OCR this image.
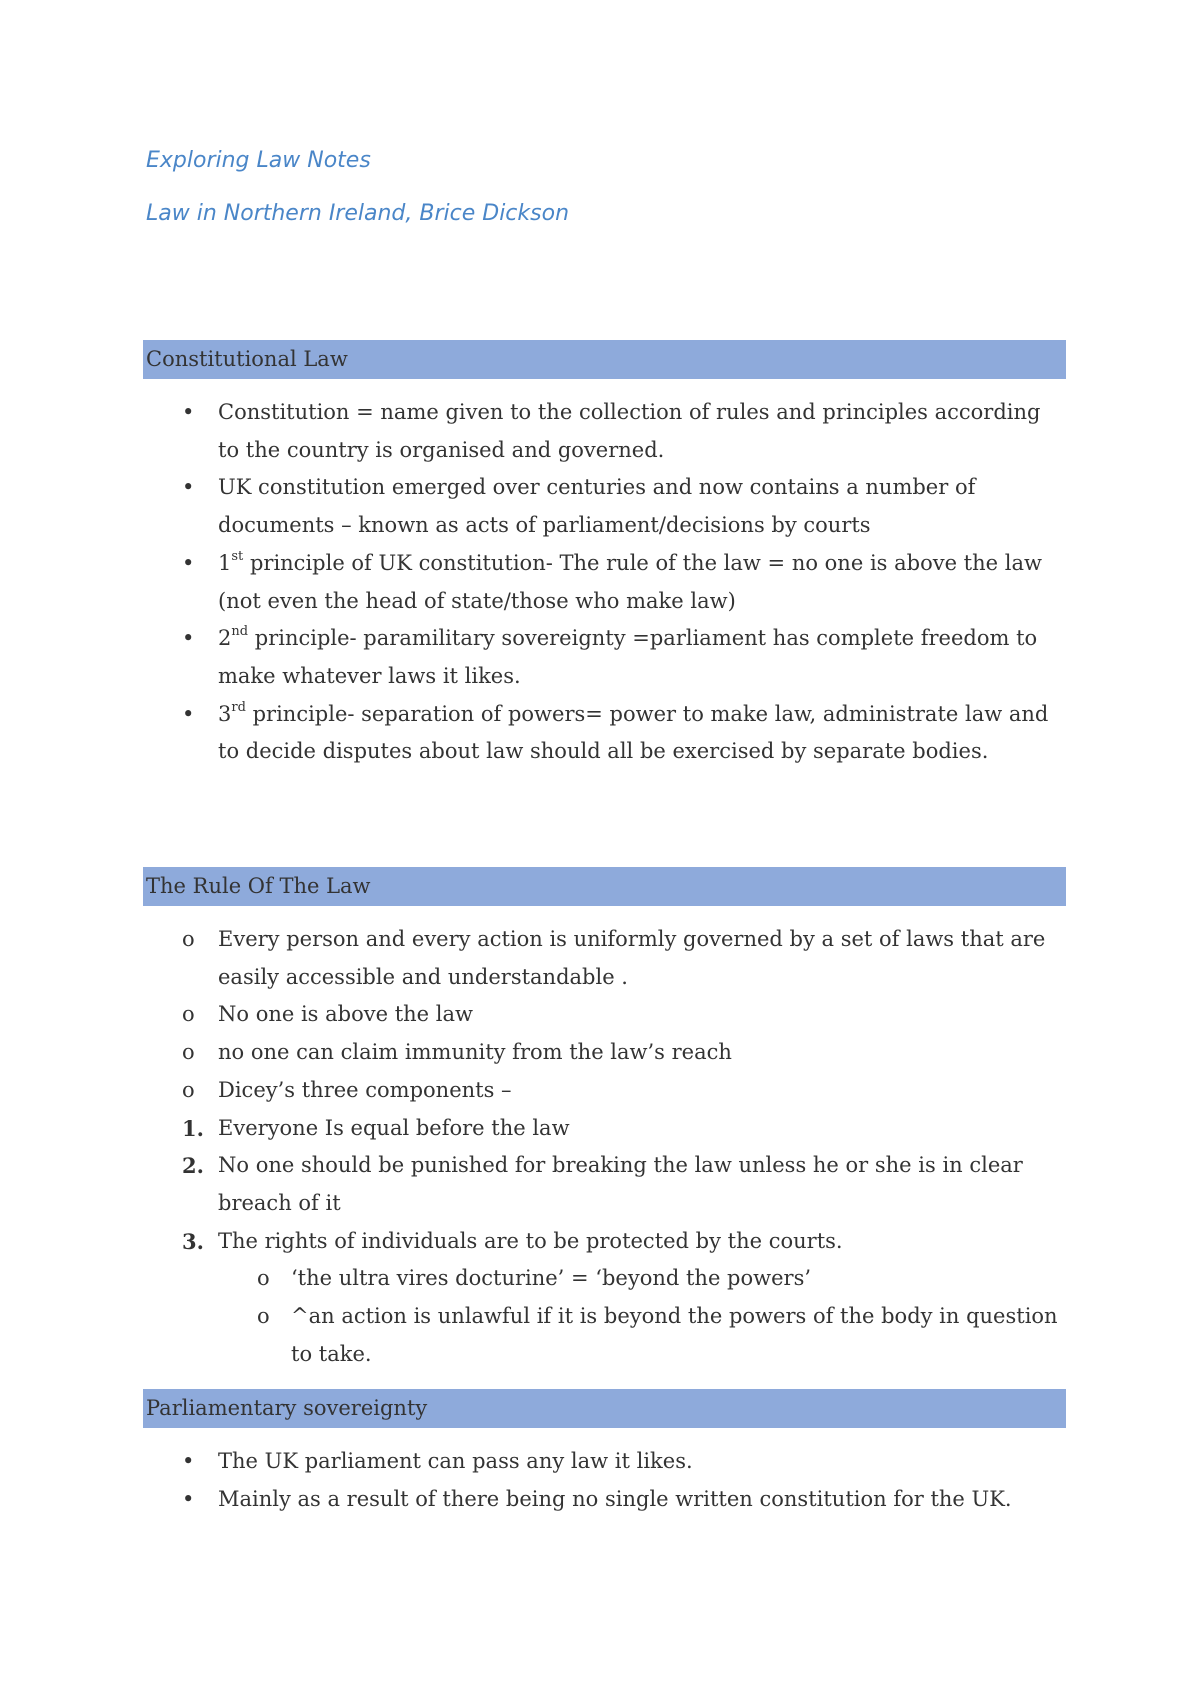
Exploring Law Notes
Law in Northern Ireland, Brice Dickson
Constitutional Law
• Constitution = name given to the collection of rules and principles according to the country is organised and governed.
• UK constitution emerged over centuries and now contains a number of documents – known as acts of parliament/decisions by courts
• 1st principle of UK constitution- The rule of the law = no one is above the law (not even the head of state/those who make law)
• 2nd principle- paramilitary sovereignty =parliament has complete freedom to make whatever laws it likes.
• 3rd principle- separation of powers= power to make law, administrate law and to decide disputes about law should all be exercised by separate bodies.
The Rule Of The Law
o Every person and every action is uniformly governed by a set of laws that are easily accessible and understandable .
o No one is above the law
o no one can claim immunity from the law’s reach
o Dicey’s three components –
1. Everyone Is equal before the law
2. No one should be punished for breaking the law unless he or she is in clear breach of it
3. The rights of individuals are to be protected by the courts.
o ‘the ultra vires docturine’ = ‘beyond the powers’
o ^an action is unlawful if it is beyond the powers of the body in question to take.
Parliamentary sovereignty
• The UK parliament can pass any law it likes.
• Mainly as a result of there being no single written constitution for the UK.
